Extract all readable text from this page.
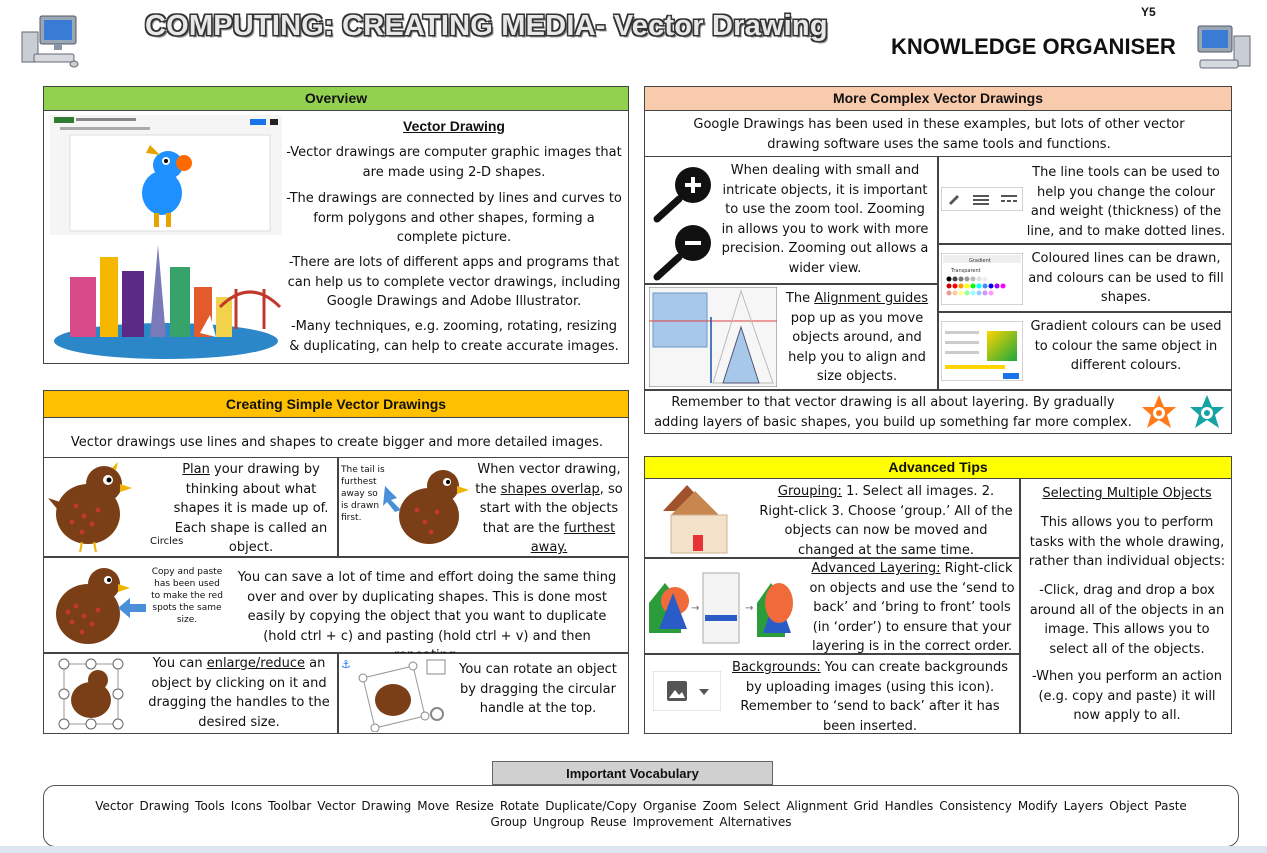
Y5
COMPUTING: CREATING MEDIA- Vector Drawing
KNOWLEDGE ORGANISER
Overview
Vector Drawing
-Vector drawings are computer graphic images that are made using 2-D shapes.
-The drawings are connected by lines and curves to form polygons and other shapes, forming a complete picture.
-There are lots of different apps and programs that can help us to complete vector drawings, including Google Drawings and Adobe Illustrator.
-Many techniques, e.g. zooming, rotating, resizing & duplicating, can help to create accurate images.
Creating Simple Vector Drawings
Vector drawings use lines and shapes to create bigger and more detailed images.
Circles
Plan your drawing by thinking about what shapes it is made up of. Each shape is called an object.
The tail is furthest away so is drawn first.
When vector drawing, the shapes overlap, so start with the objects that are the furthest away.
Copy and paste has been used to make the red spots the same size.
You can save a lot of time and effort doing the same thing over and over by duplicating shapes. This is done most easily by copying the object that you want to duplicate (hold ctrl + c) and pasting (hold ctrl + v) and then
You can enlarge/reduce an object by clicking on it and dragging the handles to the desired size.
⚓	You can rotate an object by dragging the circular handle at the top.
More Complex Vector Drawings
Google Drawings has been used in these examples, but lots of other vector drawing software uses the same tools and functions.
When dealing with small and intricate objects, it is important to use the zoom tool. Zooming in allows you to work with more precision. Zooming out allows a wider view.
The Alignment guides pop up as you move objects around, and help you to align and size objects.
The line tools can be used to help you change the colour and weight (thickness) of the line, and to make dotted lines.
Gradient
Transparent
Coloured lines can be drawn, and colours can be used to fill shapes.
Gradient colours can be used to colour the same object in different colours.
Remember to that vector drawing is all about layering. By gradually adding layers of basic shapes, you build up something far more complex.
Advanced Tips
Grouping: 1. Select all images. 2. Right-click 3. Choose ‘group.’ All of the objects can now be moved and changed at the same time.
→	→
Advanced Layering: Right-click on objects and use the ‘send to back’ and ‘bring to front’ tools (in ‘order’) to ensure that your layering is in the correct order.
Backgrounds: You can create backgrounds by uploading images (using this icon). Remember to ‘send to back’ after it has been inserted.
Selecting Multiple Objects
This allows you to perform tasks with the whole drawing, rather than individual objects:
-Click, drag and drop a box around all of the objects in an image. This allows you to select all of the objects.
-When you perform an action (e.g. copy and paste) it will now apply to all.
Important Vocabulary
Vector Drawing Tools Icons Toolbar Vector Drawing Move Resize Rotate Duplicate/Copy Organise Zoom Select Alignment Grid Handles Consistency Modify Layers Object Paste
Group Ungroup Reuse Improvement Alternatives
